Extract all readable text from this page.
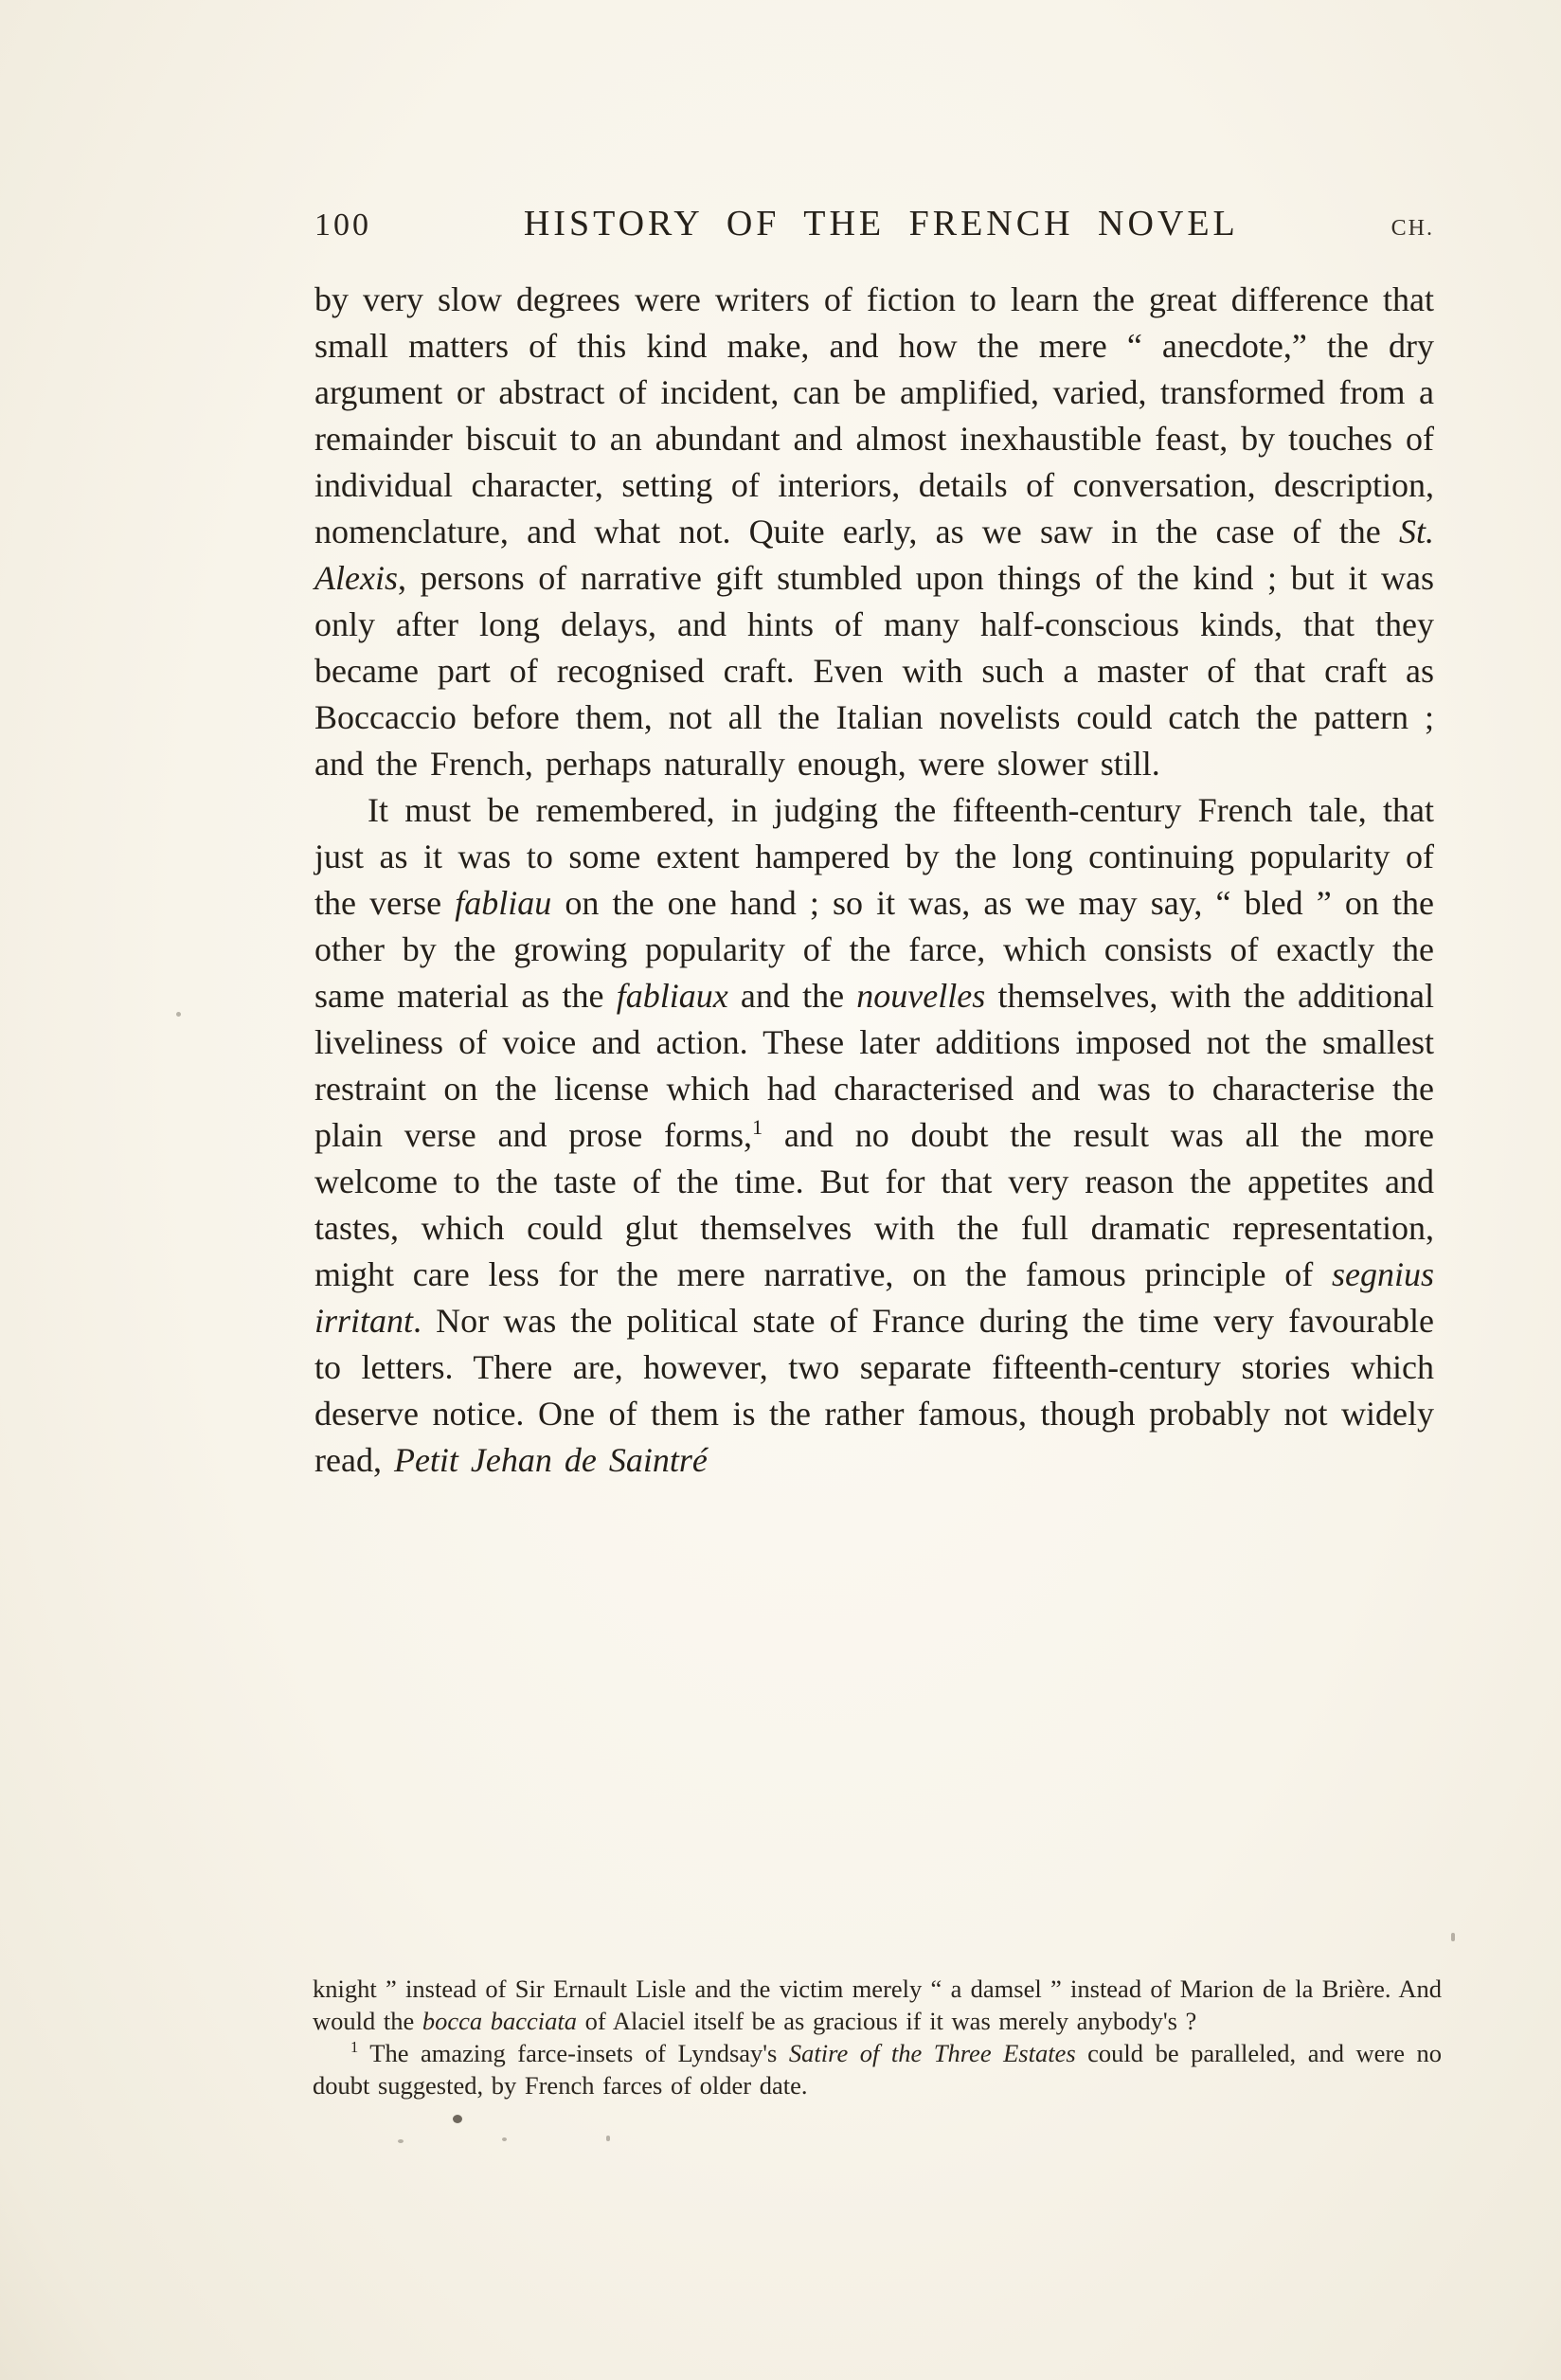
100	HISTORY OF THE FRENCH NOVEL	CH.

by very slow degrees were writers of fiction to learn the great difference that small matters of this kind make, and how the mere “ anecdote,” the dry argument or abstract of incident, can be amplified, varied, transformed from a remainder biscuit to an abundant and almost inexhaustible feast, by touches of individual character, setting of interiors, details of conversation, description, nomenclature, and what not. Quite early, as we saw in the case of the St. Alexis, persons of narrative gift stumbled upon things of the kind ; but it was only after long delays, and hints of many half-conscious kinds, that they became part of recognised craft. Even with such a master of that craft as Boccaccio before them, not all the Italian novelists could catch the pattern ; and the French, perhaps naturally enough, were slower still.

It must be remembered, in judging the fifteenth-century French tale, that just as it was to some extent hampered by the long continuing popularity of the verse fabliau on the one hand ; so it was, as we may say, “ bled ” on the other by the growing popularity of the farce, which consists of exactly the same material as the fabliaux and the nouvelles themselves, with the additional liveliness of voice and action. These later additions imposed not the smallest restraint on the license which had characterised and was to characterise the plain verse and prose forms,$^1$ and no doubt the result was all the more welcome to the taste of the time. But for that very reason the appetites and tastes, which could glut themselves with the full dramatic representation, might care less for the mere narrative, on the famous principle of segnius irritant. Nor was the political state of France during the time very favourable to letters. There are, however, two separate fifteenth-century stories which deserve notice. One of them is the rather famous, though probably not widely read, Petit Jehan de Saintré

knight ” instead of Sir Ernault Lisle and the victim merely “ a damsel ” instead of Marion de la Brière. And would the bocca bacciata of Alaciel itself be as gracious if it was merely anybody's ?

$^1$ The amazing farce-insets of Lyndsay's Satire of the Three Estates could be paralleled, and were no doubt suggested, by French farces of older date.
